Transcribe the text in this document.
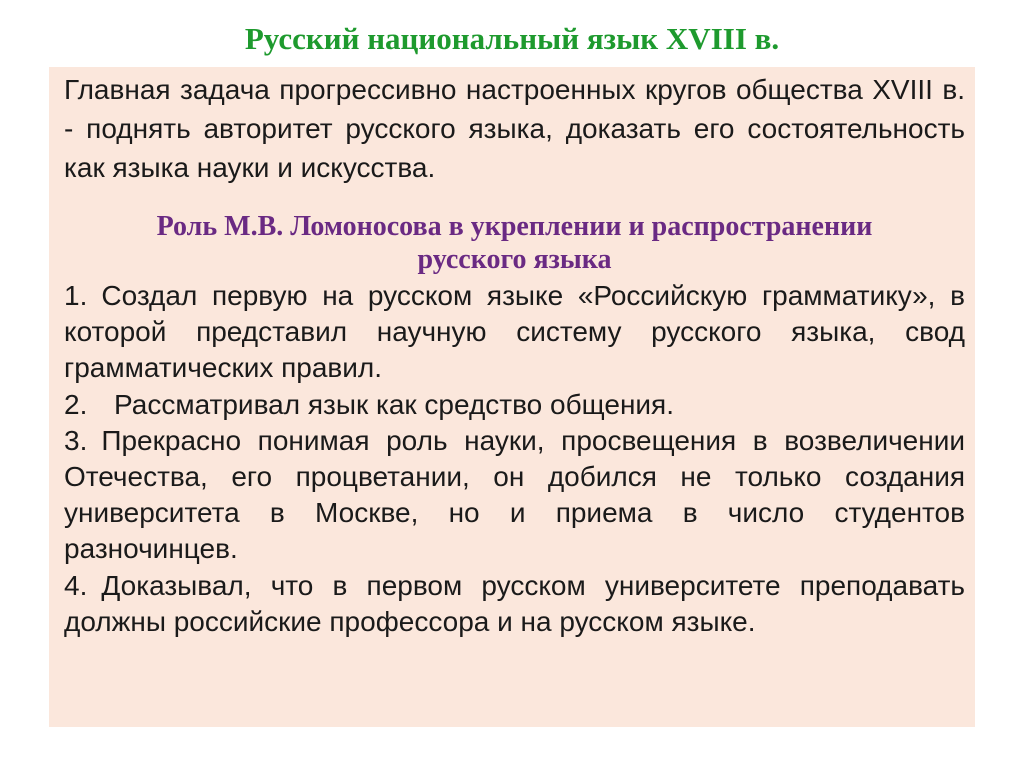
Русский национальный язык XVIII в.

Главная задача прогрессивно настроенных кругов общества XVIII в. - поднять авторитет русского языка, доказать его состоятельность как языка науки и искусства.

Роль М.В. Ломоносова в укреплении и распространении
русского языка
1. Создал первую на русском языке «Российскую грамматику», в которой представил научную систему русского языка, свод грамматических правил.
2. Рассматривал язык как средство общения.
3. Прекрасно понимая роль науки, просвещения в возвеличении Отечества, его процветании, он добился не только создания университета в Москве, но и приема в число студентов разночинцев.
4. Доказывал, что в первом русском университете преподавать должны российские профессора и на русском языке.
